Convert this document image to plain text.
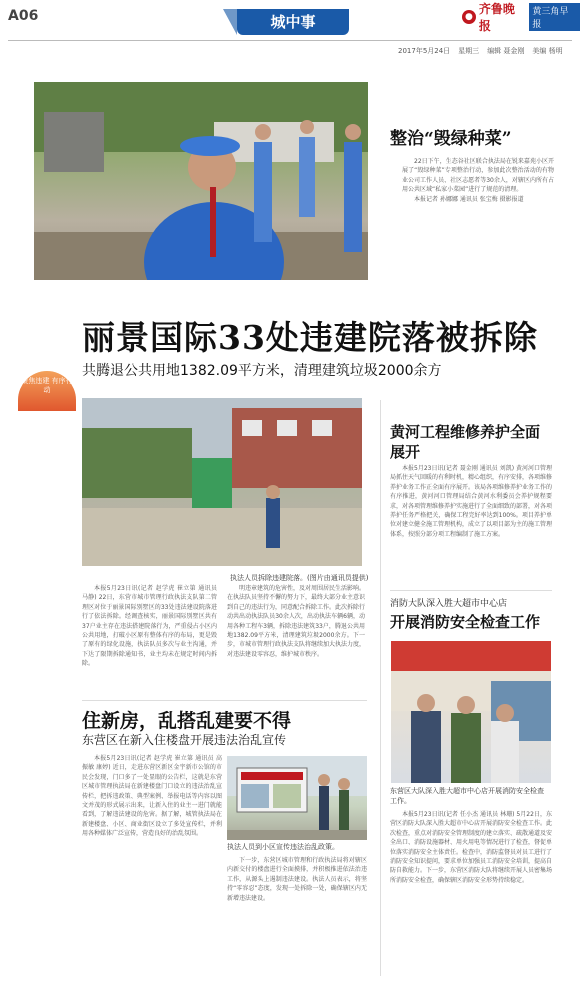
A06	城中事	●
齐鲁晚报
黄三角早报
2017年5月24日 星期三 编辑 聂金刚 美编 杨明
整治“毁绿种菜”

22日下午，生态谷社区联合执法局在锐来嘉苑小区开展了“毁绿种菜”专项整治行动，参加此次整治活动的有物业公司工作人员、社区志愿者等30余人，对辖区内所有占用公共区域“私家小菜园”进行了规范的清理。

本报记者 孙娜娜 通讯员 张宝梅 摄影报道

聚焦违建 有序行动
丽景国际33处违建院落被拆除
共腾退公共用地1382.09平方米，清理建筑垃圾2000余方
执法人员拆除违建院落。(图片由通讯员提供)

本报5月23日讯(记者 赵学虎 崔立第 通讯员 马静) 22日，东营市城市管理行政执法支队第二管理区对位于丽景国际别墅区的33处违法建设院落进行了依法拆除。经调查核实，丽景国际别墅区共有37户业主存在违法搭建院落行为，严重侵占小区内公共用地，打破小区原有整体有序的布局，更是毁了原有的绿化设施，执法队员多次与业主沟通，并下达了限期拆除通知书，业主均未在规定时间内拆除。

明违章建筑的危害性，及对周围居民生活影响。在执法队员坚持不懈的努力下，最终大部分业主意识到自己的违法行为，同意配合拆除工作。此次拆除行动共出动执法队员30余人次，出动执法车辆6辆，动用各种工程车3辆，拆除违法建筑33户，腾退公共用地1382.09平方米，清理建筑垃圾2000余方。下一步，市城市管理行政执法支队将继续加大执法力度，对违法建设零容忍，维护城市秩序。

黄河工程维修养护全面展开

本报5月23日讯(记者 聂金刚 通讯员 刘凯) 黄河河口管理局抓住天气回暖的有利时机，精心组织，有序安排，各项维修养护业务工作正全面有序展开。该局各项维修养护业务工作的有序推进，黄河河口管理局结合黄河水利委员会养护规程要求，对各项管理维修养护实施进行了全面细致的部署，对各项养护任务严格把关，确保工程完好率达到100%。项目养护单位对建立健全施工管理机构，成立了以项目部为主的施工管理体系，按照分部分项工程编制了施工方案。

消防大队深入胜大超市中心店
开展消防安全检查工作
东营区大队深入胜大超市中心店开展消防安全检查工作。

本报5月23日讯(记者 任小杰 通讯员 林珊) 5月22日，东营区消防大队深入胜大超市中心店开展消防安全检查工作。此次检查，重点对消防安全管理制度的建立落实、疏散通道及安全出口、消防设施器材、用火用电等情况进行了检查，督促单位落实消防安全主体责任。检查中，消防监督员对员工进行了消防安全知识提问，要求单位加强员工消防安全培训，提高自防自救能力。下一步，东营区消防大队将继续开展人员密集场所消防安全检查，确保辖区消防安全形势持续稳定。

住新房，乱搭乱建要不得
东营区在新入住楼盘开展违法治乱宣传

本报5月23日讯(记者 赵学虎 崔立第 通讯员 高振敏 康婷) 近日，走进东营区新区金宇新市公馆的市民会发现，门口多了一处显眼的公告栏，这就是东营区城市管理执法局在新建楼盘门口设立的违法治乱宣传栏，把拆违政策、典型案例、举报电话等内容以图文并茂的形式展示出来，让新入住的业主一进门就能看到，了解违法建设的危害。据了解，城管执法局在新建楼盘、小区、商业街区设立了多处宣传栏，并利用各种媒体广泛宣传，营造良好的治乱氛围。

执法人员到小区宣传违法治乱政策。

下一步，东营区城市管理和行政执法局将对辖区内新交付的楼盘进行全面摸排，并积极推进依法治违工作，从源头上遏制违法建设。执法人员表示，将坚持“零容忍”态度，发现一处拆除一处，确保辖区内无新增违法建设。
